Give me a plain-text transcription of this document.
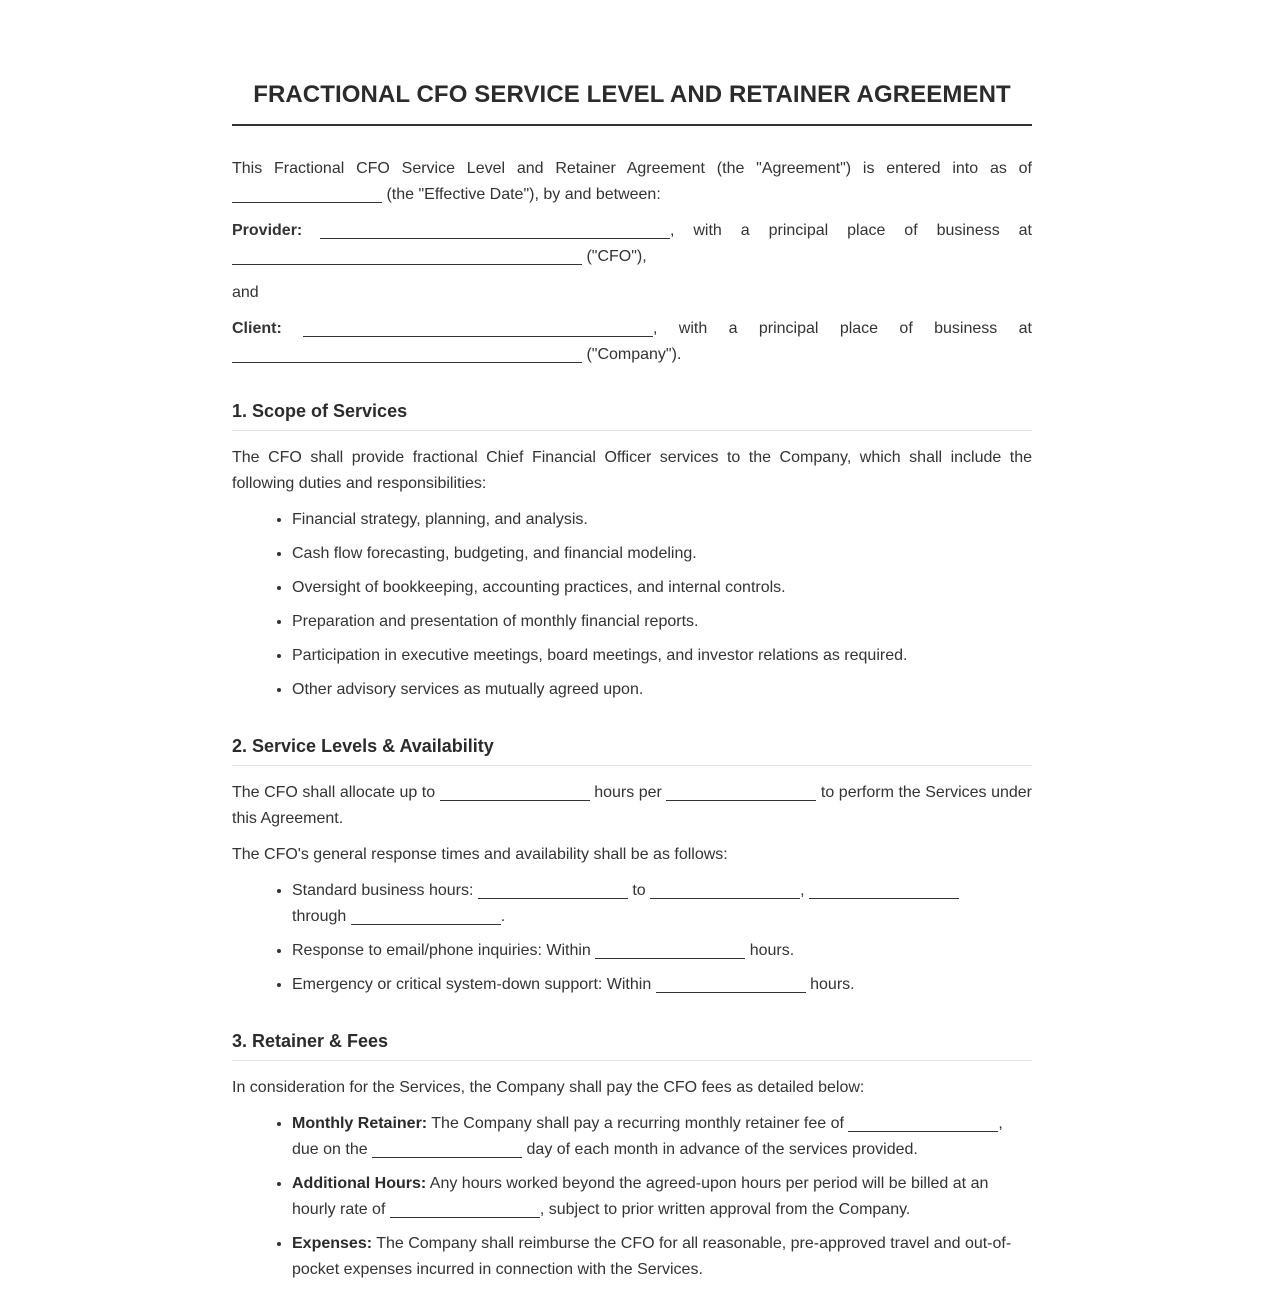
FRACTIONAL CFO SERVICE LEVEL AND RETAINER AGREEMENT

This Fractional CFO Service Level and Retainer Agreement (the "Agreement") is entered into as of  (the "Effective Date"), by and between:

Provider:	, with a principal place of business at  ("CFO"),

and

Client:	, with a principal place of business at  ("Company").

1. Scope of Services

The CFO shall provide fractional Chief Financial Officer services to the Company, which shall include the following duties and responsibilities:

• Financial strategy, planning, and analysis.
• Cash flow forecasting, budgeting, and financial modeling.
• Oversight of bookkeeping, accounting practices, and internal controls.
• Preparation and presentation of monthly financial reports.
• Participation in executive meetings, board meetings, and investor relations as required.
• Other advisory services as mutually agreed upon.
2. Service Levels & Availability

The CFO shall allocate up to	hours per	to perform the Services under this Agreement.

The CFO's general response times and availability shall be as follows:

• Standard business hours:	to	,  through	.
• Response to email/phone inquiries: Within	hours.
• Emergency or critical system-down support: Within	hours.
3. Retainer & Fees

In consideration for the Services, the Company shall pay the CFO fees as detailed below:

• Monthly Retainer: The Company shall pay a recurring monthly retainer fee of	, due on the	day of each month in advance of the services provided.
• Additional Hours: Any hours worked beyond the agreed-upon hours per period will be billed at an hourly rate of	, subject to prior written approval from the Company.
• Expenses: The Company shall reimburse the CFO for all reasonable, pre-approved travel and out-of-pocket expenses incurred in connection with the Services.
